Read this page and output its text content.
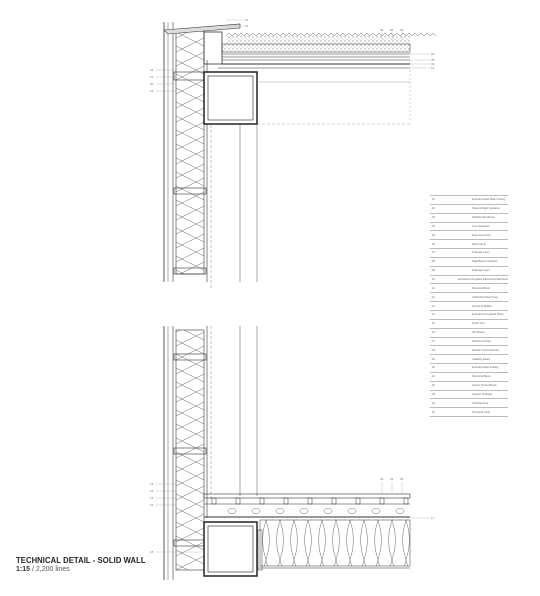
22
21
20
19
01
02
04 05 06
03
08
09
10
13
14
15
16
23 24 25
17
18
01	Extruded Steel Plate Closing
02	Tapered Rigid Insulation
03	Weather Membrane
04	Low Vegetation
05	Engineered Soil
06	Filter Fabric
07	Drainage Layer
08	Rigid Board Insulation
09	Drainage Layer
10	Extruded Corrugated Reinforced Slab Deck
11	Mounting Block
12	Unfinished Steel Truss
13	Structural Mullion
14	Extruded Corrugated Sheet
15	Finish Trim
16	GLT Board
17	Reinforced Stud
18	Wooden Stud Structure
19	Cladding Board
20	Extruded Steel Grating
21	Structural Beam
22	Interior Timber Board
23	Support Pedestal
24	Underlayment
25	Structural Lintel
TECHNICAL DETAIL - SOLID WALL
1:15 / 2,200 lines
